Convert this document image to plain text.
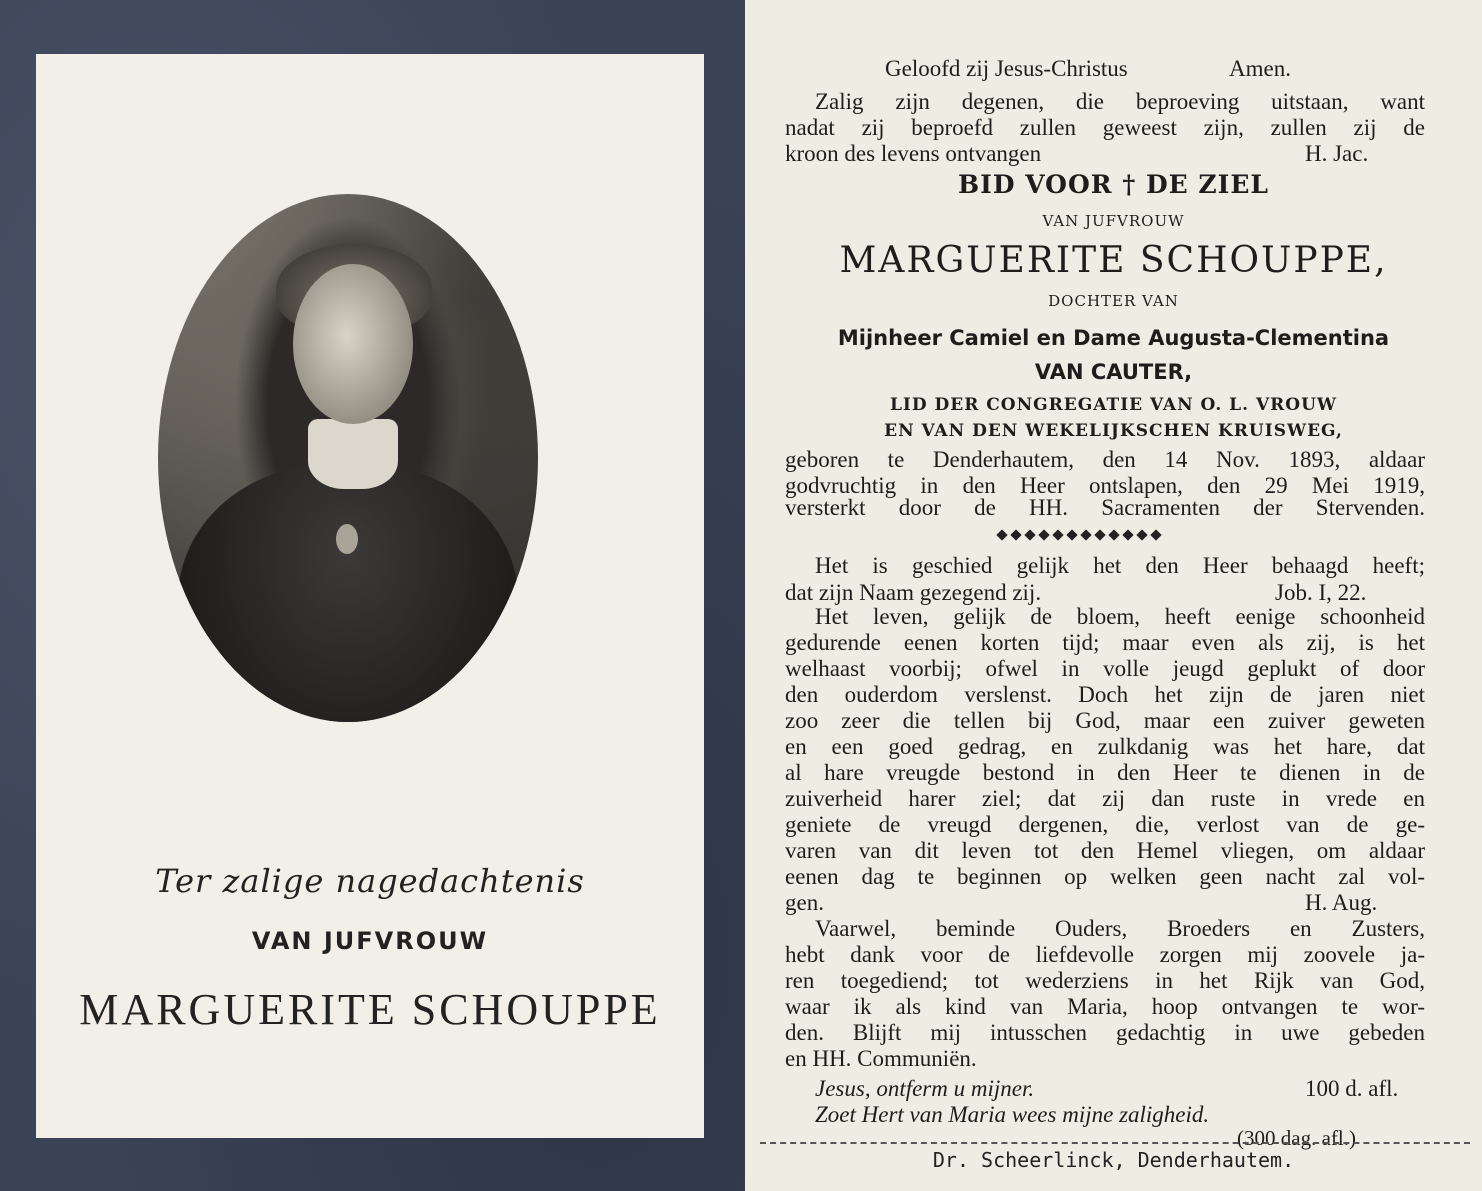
Ter zalige nagedachtenis
VAN JUFVROUW
MARGUERITE SCHOUPPE
Geloofd zij Jesus-Christus	Amen.
Zalig zijn degenen, die beproeving uitstaan, want
nadat zij beproefd zullen geweest zijn, zullen zij de
kroon des levens ontvangen	H. Jac.
BID VOOR † DE ZIEL
VAN JUFVROUW
MARGUERITE SCHOUPPE,
DOCHTER VAN
Mijnheer Camiel en Dame Augusta-Clementina
VAN CAUTER,
LID DER CONGREGATIE VAN O. L. VROUW
EN VAN DEN WEKELIJKSCHEN KRUISWEG,
geboren te Denderhautem, den 14 Nov. 1893, aldaar
godvruchtig in den Heer ontslapen, den 29 Mei 1919,
versterkt door de HH. Sacramenten der Stervenden.
Het is geschied gelijk het den Heer behaagd heeft;
dat zijn Naam gezegend zij.	Job. I, 22.
Het leven, gelijk de bloem, heeft eenige schoonheid
gedurende eenen korten tijd; maar even als zij, is het
welhaast voorbij; ofwel in volle jeugd geplukt of door
den ouderdom verslenst. Doch het zijn de jaren niet
zoo zeer die tellen bij God, maar een zuiver geweten
en een goed gedrag, en zulkdanig was het hare, dat
al hare vreugde bestond in den Heer te dienen in de
zuiverheid harer ziel; dat zij dan ruste in vrede en
geniete de vreugd dergenen, die, verlost van de ge-
varen van dit leven tot den Hemel vliegen, om aldaar
eenen dag te beginnen op welken geen nacht zal vol-
gen.	H. Aug.
Vaarwel, beminde Ouders, Broeders en Zusters,
hebt dank voor de liefdevolle zorgen mij zoovele ja-
ren toegediend; tot wederziens in het Rijk van God,
waar ik als kind van Maria, hoop ontvangen te wor-
den. Blijft mij intusschen gedachtig in uwe gebeden
en HH. Communiën.
Jesus, ontferm u mijner.	100 d. afl.
Zoet Hert van Maria wees mijne zaligheid.
(300 dag. afl.)
Dr. Scheerlinck, Denderhautem.
